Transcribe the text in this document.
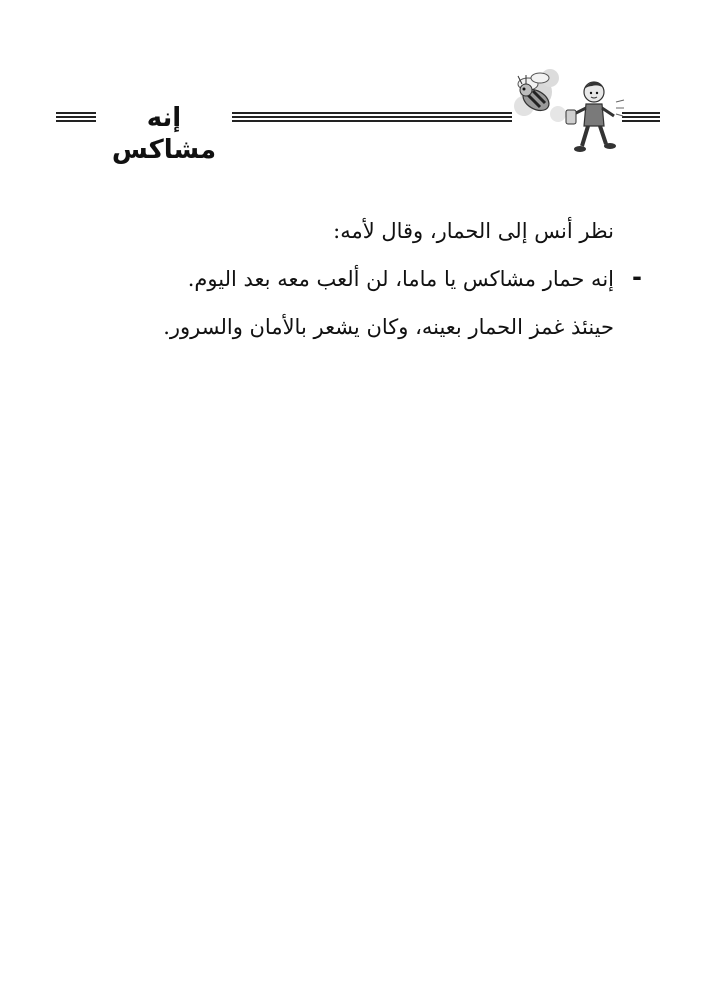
إنه مشاكس
نظر أنس إلى الحمار، وقال لأمه:
-
إنه حمار مشاكس يا ماما، لن ألعب معه بعد اليوم.
حينئذ غمز الحمار بعينه، وكان يشعر بالأمان والسرور.
